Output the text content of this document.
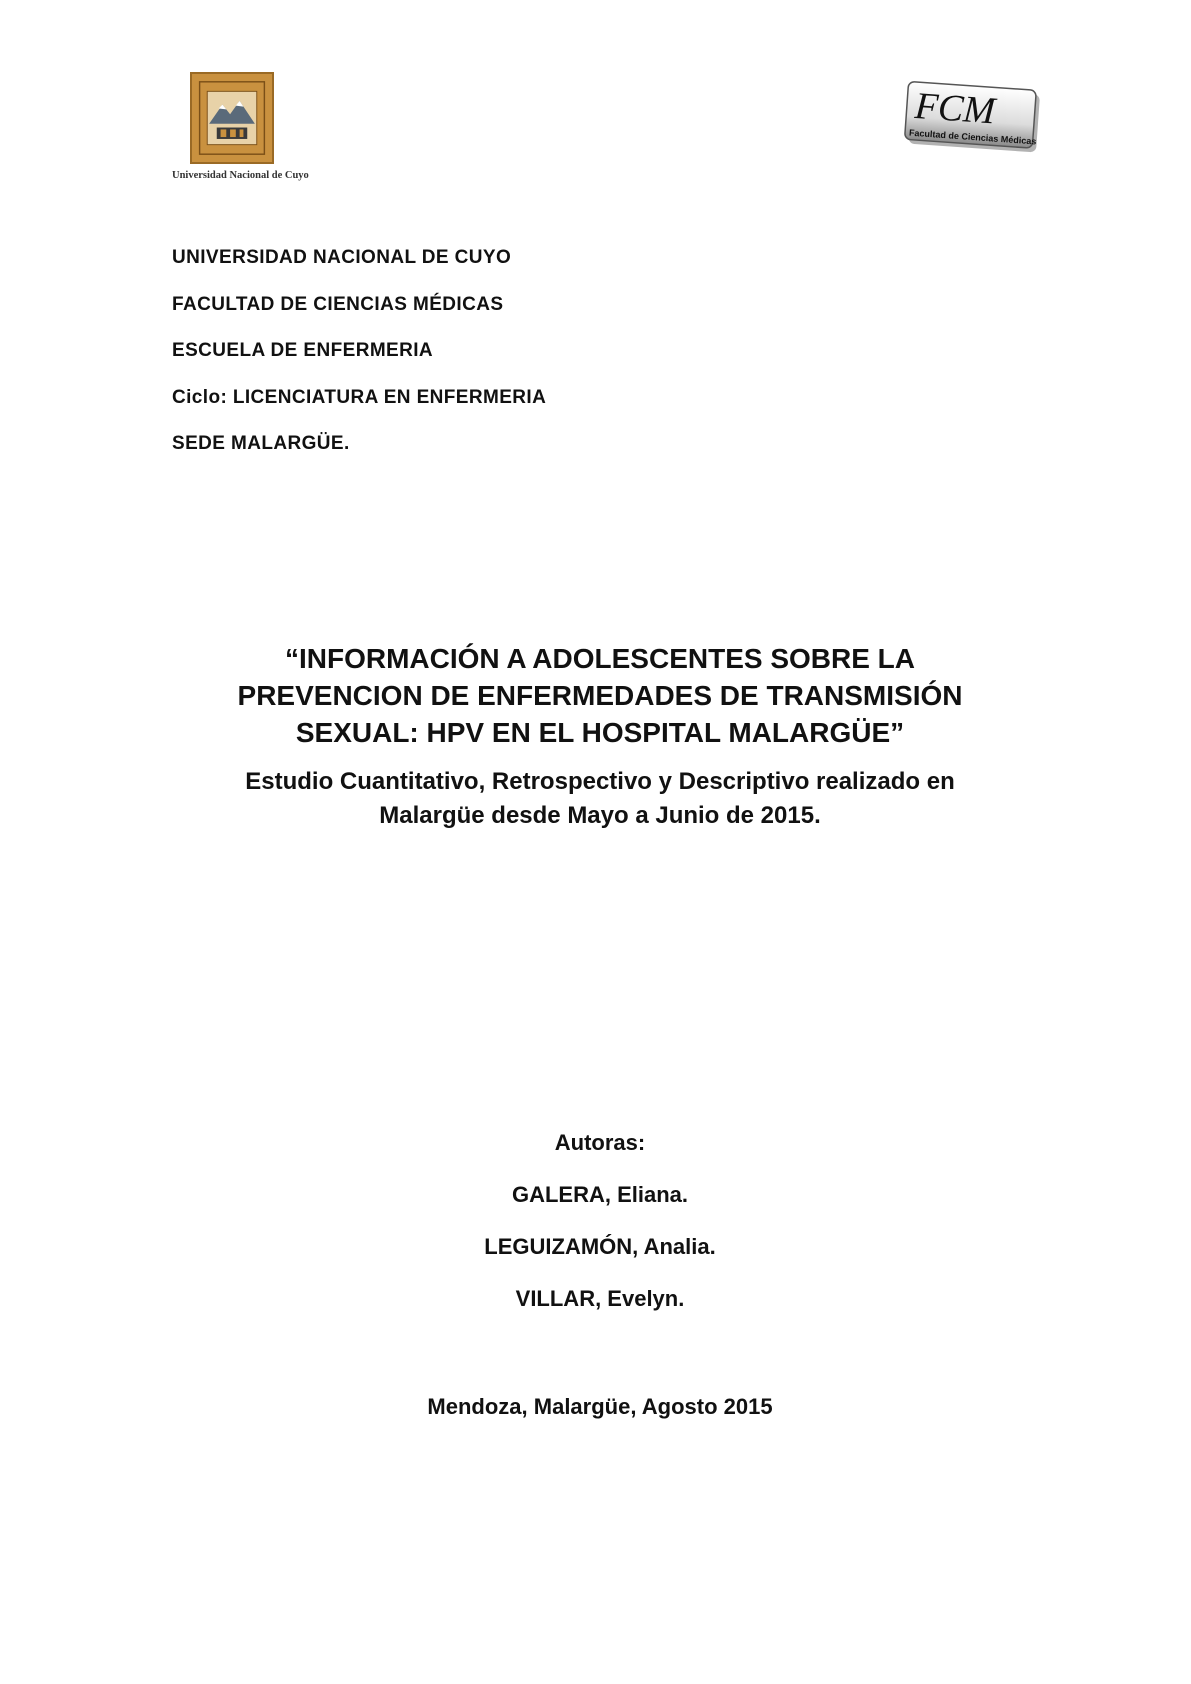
Universidad Nacional de Cuyo
FCM
Facultad de Ciencias Médicas
UNIVERSIDAD NACIONAL DE CUYO
FACULTAD DE CIENCIAS MÉDICAS
ESCUELA DE ENFERMERIA
Ciclo: LICENCIATURA EN ENFERMERIA
SEDE MALARGÜE.
“INFORMACIÓN A ADOLESCENTES SOBRE LA
PREVENCION DE ENFERMEDADES DE TRANSMISIÓN
SEXUAL: HPV EN EL HOSPITAL MALARGÜE”
Estudio Cuantitativo, Retrospectivo y Descriptivo realizado en
Malargüe desde Mayo a Junio de 2015.
Autoras:
GALERA, Eliana.
LEGUIZAMÓN, Analia.
VILLAR, Evelyn.
Mendoza, Malargüe, Agosto 2015
